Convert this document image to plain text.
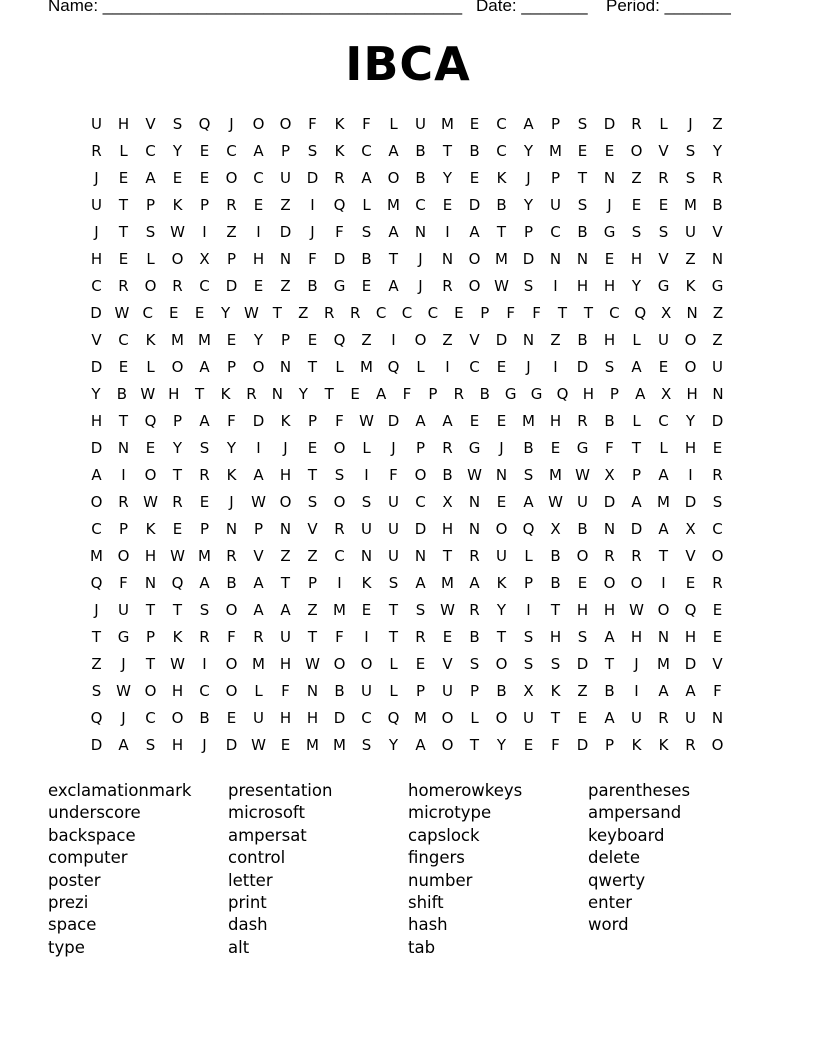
Name: ______________________________________

Date: _______

Period: _______

IBCA
U	H	V	S	Q	J	O	O	F	K	F	L	U	M	E	C	A	P	S	D	R	L	J	Z
R	L	C	Y	E	C	A	P	S	K	C	A	B	T	B	C	Y	M	E	E	O	V	S	Y
J	E	A	E	E	O	C	U	D	R	A	O	B	Y	E	K	J	P	T	N	Z	R	S	R
U	T	P	K	P	R	E	Z	I	Q	L	M	C	E	D	B	Y	U	S	J	E	E	M	B
J	T	S W	I	Z	I	D	J	F	S	A	N	I	A	T	P	C	B	G	S	S	U	V
H	E	L	O	X	P	H	N	F	D	B	T	J	N	O M D	N	N	E	H	V	Z	N
C	R	O	R	C	D	E	Z	B	G	E	A	J	R	O W S	I	H	H	Y	G	K	G
D W C	E	E	Y W T	Z	R	R	C	C	C	E	P	F	F	T	T	C Q X	N	Z
V	C	K	M M	E	Y	P	E	Q	Z	I	O	Z	V	D	N	Z	B	H	L	U	O	Z
D	E	L	O	A	P	O	N	T	L	M Q	L	I	C	E	J	I	D	S	A	E	O	U
Y	B W H	T	K	R	N	Y	T	E	A	F	P	R	B G G Q H	P	A	X	H N
H	T	Q	P	A	F	D	K	P	F	W D	A	A	E	E	M H	R	B	L	C	Y	D
D	N	E	Y	S	Y	I	J	E	O	L	J	P	R	G	J	B	E	G	F	T	L	H	E
A	I	O	T	R	K	A	H	T	S	I	F	O	B W N	S	M W X	P	A	I	R
O	R W R	E	J	W O	S	O	S	U	C	X	N	E	A W U	D	A	M D	S
C	P	K	E	P	N	P	N	V	R	U	U	D	H	N	O	Q	X	B	N	D	A	X	C
M O	H W M	R	V	Z	Z	C	N	U	N	T	R	U	L	B	O	R	R	T	V	O
Q	F	N	Q	A	B	A	T	P	I	K	S	A	M	A	K	P	B	E	O	O	I	E	R
J	U	T	T	S	O	A	A	Z	M	E	T	S W R	Y	I	T	H	H W O	Q	E
T	G	P	K	R	F	R	U	T	F	I	T	R	E	B	T	S	H	S	A	H	N	H	E
Z	J	T	W	I	O M H W O	O	L	E	V	S	O	S	S	D	T	J	M D	V
S W O	H	C	O	L	F	N	B	U	L	P	U	P	B	X	K	Z	B	I	A	A	F
Q	J	C	O	B	E	U	H	H	D	C	Q M O	L	O	U	T	E	A	U	R	U	N
D	A	S	H	J	D W E	M M	S	Y	A	O	T	Y	E	F	D	P	K	K	R	O
exclamationmark
underscore
backspace
computer
poster
prezi
space
type
presentation
microsoft
ampersat
control
letter
print
dash
alt
homerowkeys
microtype
capslock
fingers
number
shift
hash
tab
parentheses
ampersand
keyboard
delete
qwerty
enter
word
